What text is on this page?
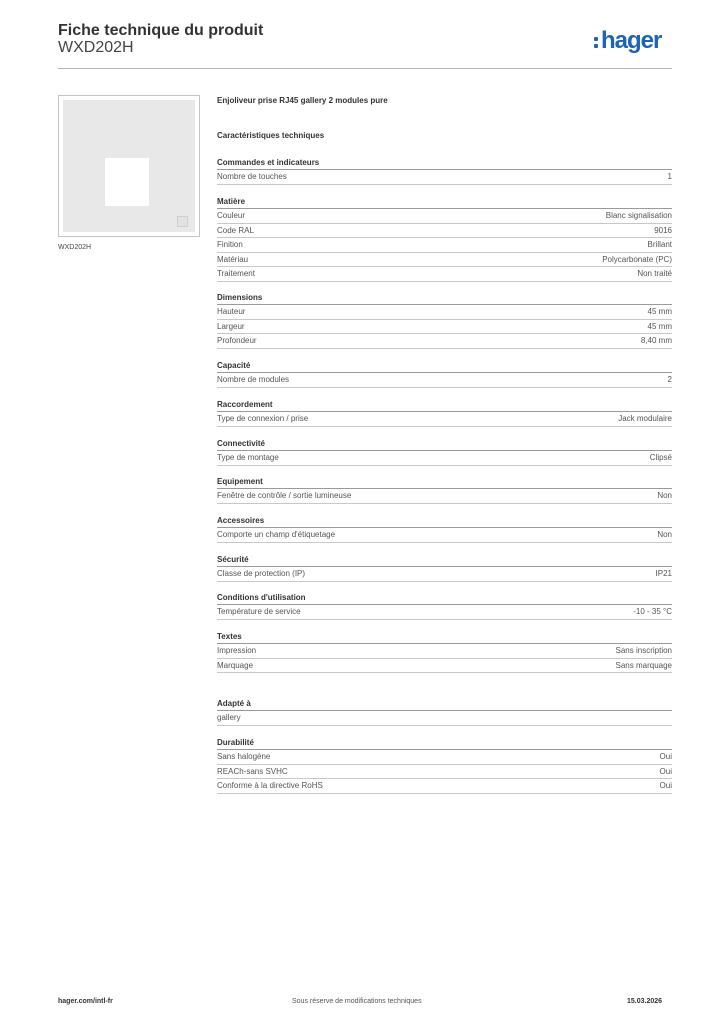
Fiche technique du produit
WXD202H	hager
WXD202H
Enjoliveur prise RJ45 gallery 2 modules pure
Caractéristiques techniques
Commandes et indicateurs
Nombre de touches	1
Matière
Couleur	Blanc signalisation
Code RAL	9016
Finition	Brillant
Matériau	Polycarbonate (PC)
Traitement	Non traité
Dimensions
Hauteur	45 mm
Largeur	45 mm
Profondeur	8,40 mm
Capacité
Nombre de modules	2
Raccordement
Type de connexion / prise	Jack modulaire
Connectivité
Type de montage	Clipsé
Equipement
Fenêtre de contrôle / sortie lumineuse	Non
Accessoires
Comporte un champ d'étiquetage	Non
Sécurité
Classe de protection (IP)	IP21
Conditions d'utilisation
Température de service	-10 - 35 °C
Textes
Impression	Sans inscription
Marquage	Sans marquage
Adapté à
gallery
Durabilité
Sans halogène	Oui
REACh-sans SVHC	Oui
Conforme à la directive RoHS	Oui
hager.com/intl-fr	Sous réserve de modifications techniques	15.03.2026
